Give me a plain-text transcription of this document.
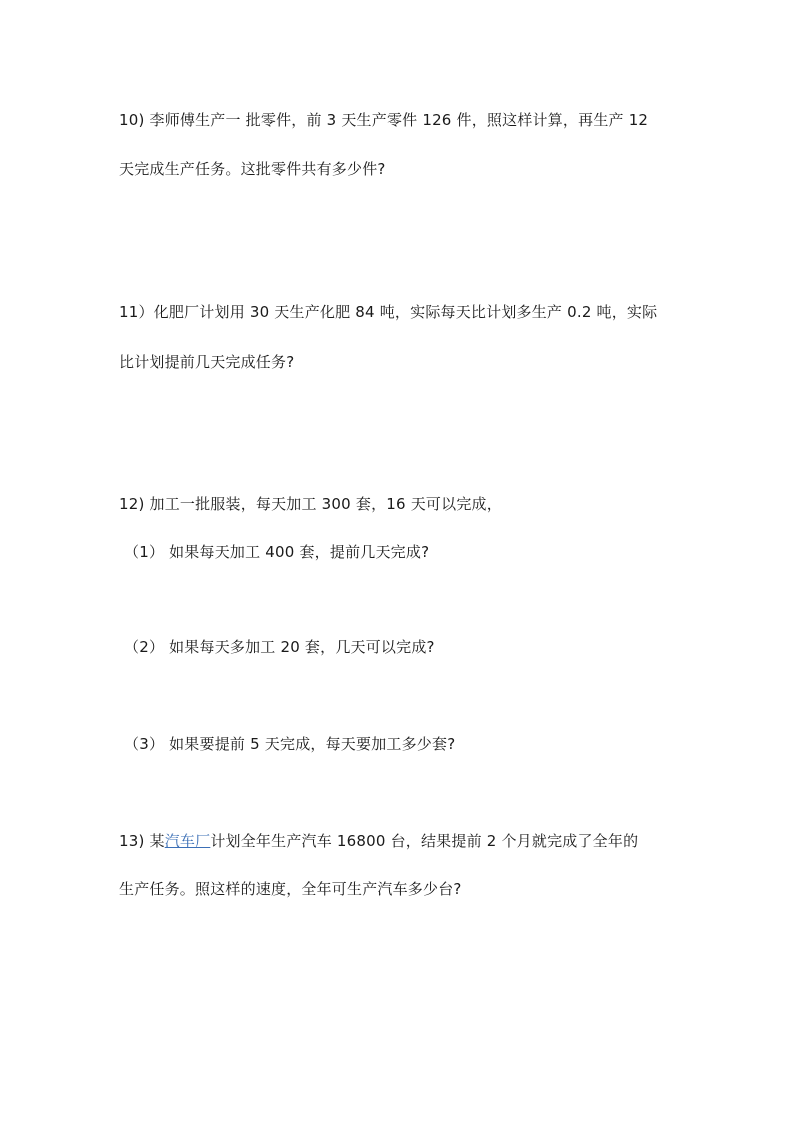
10) 李师傅生产一 批零件，前 3 天生产零件 126 件，照这样计算，再生产 12
天完成生产任务。这批零件共有多少件?
11）化肥厂计划用 30 天生产化肥 84 吨，实际每天比计划多生产 0.2 吨，实际
比计划提前几天完成任务?
12) 加工一批服装，每天加工 300 套，16 天可以完成，
（1） 如果每天加工 400 套，提前几天完成?
（2） 如果每天多加工 20 套，几天可以完成?
（3） 如果要提前 5 天完成，每天要加工多少套?
13) 某汽车厂计划全年生产汽车 16800 台，结果提前 2 个月就完成了全年的
生产任务。照这样的速度，全年可生产汽车多少台?
